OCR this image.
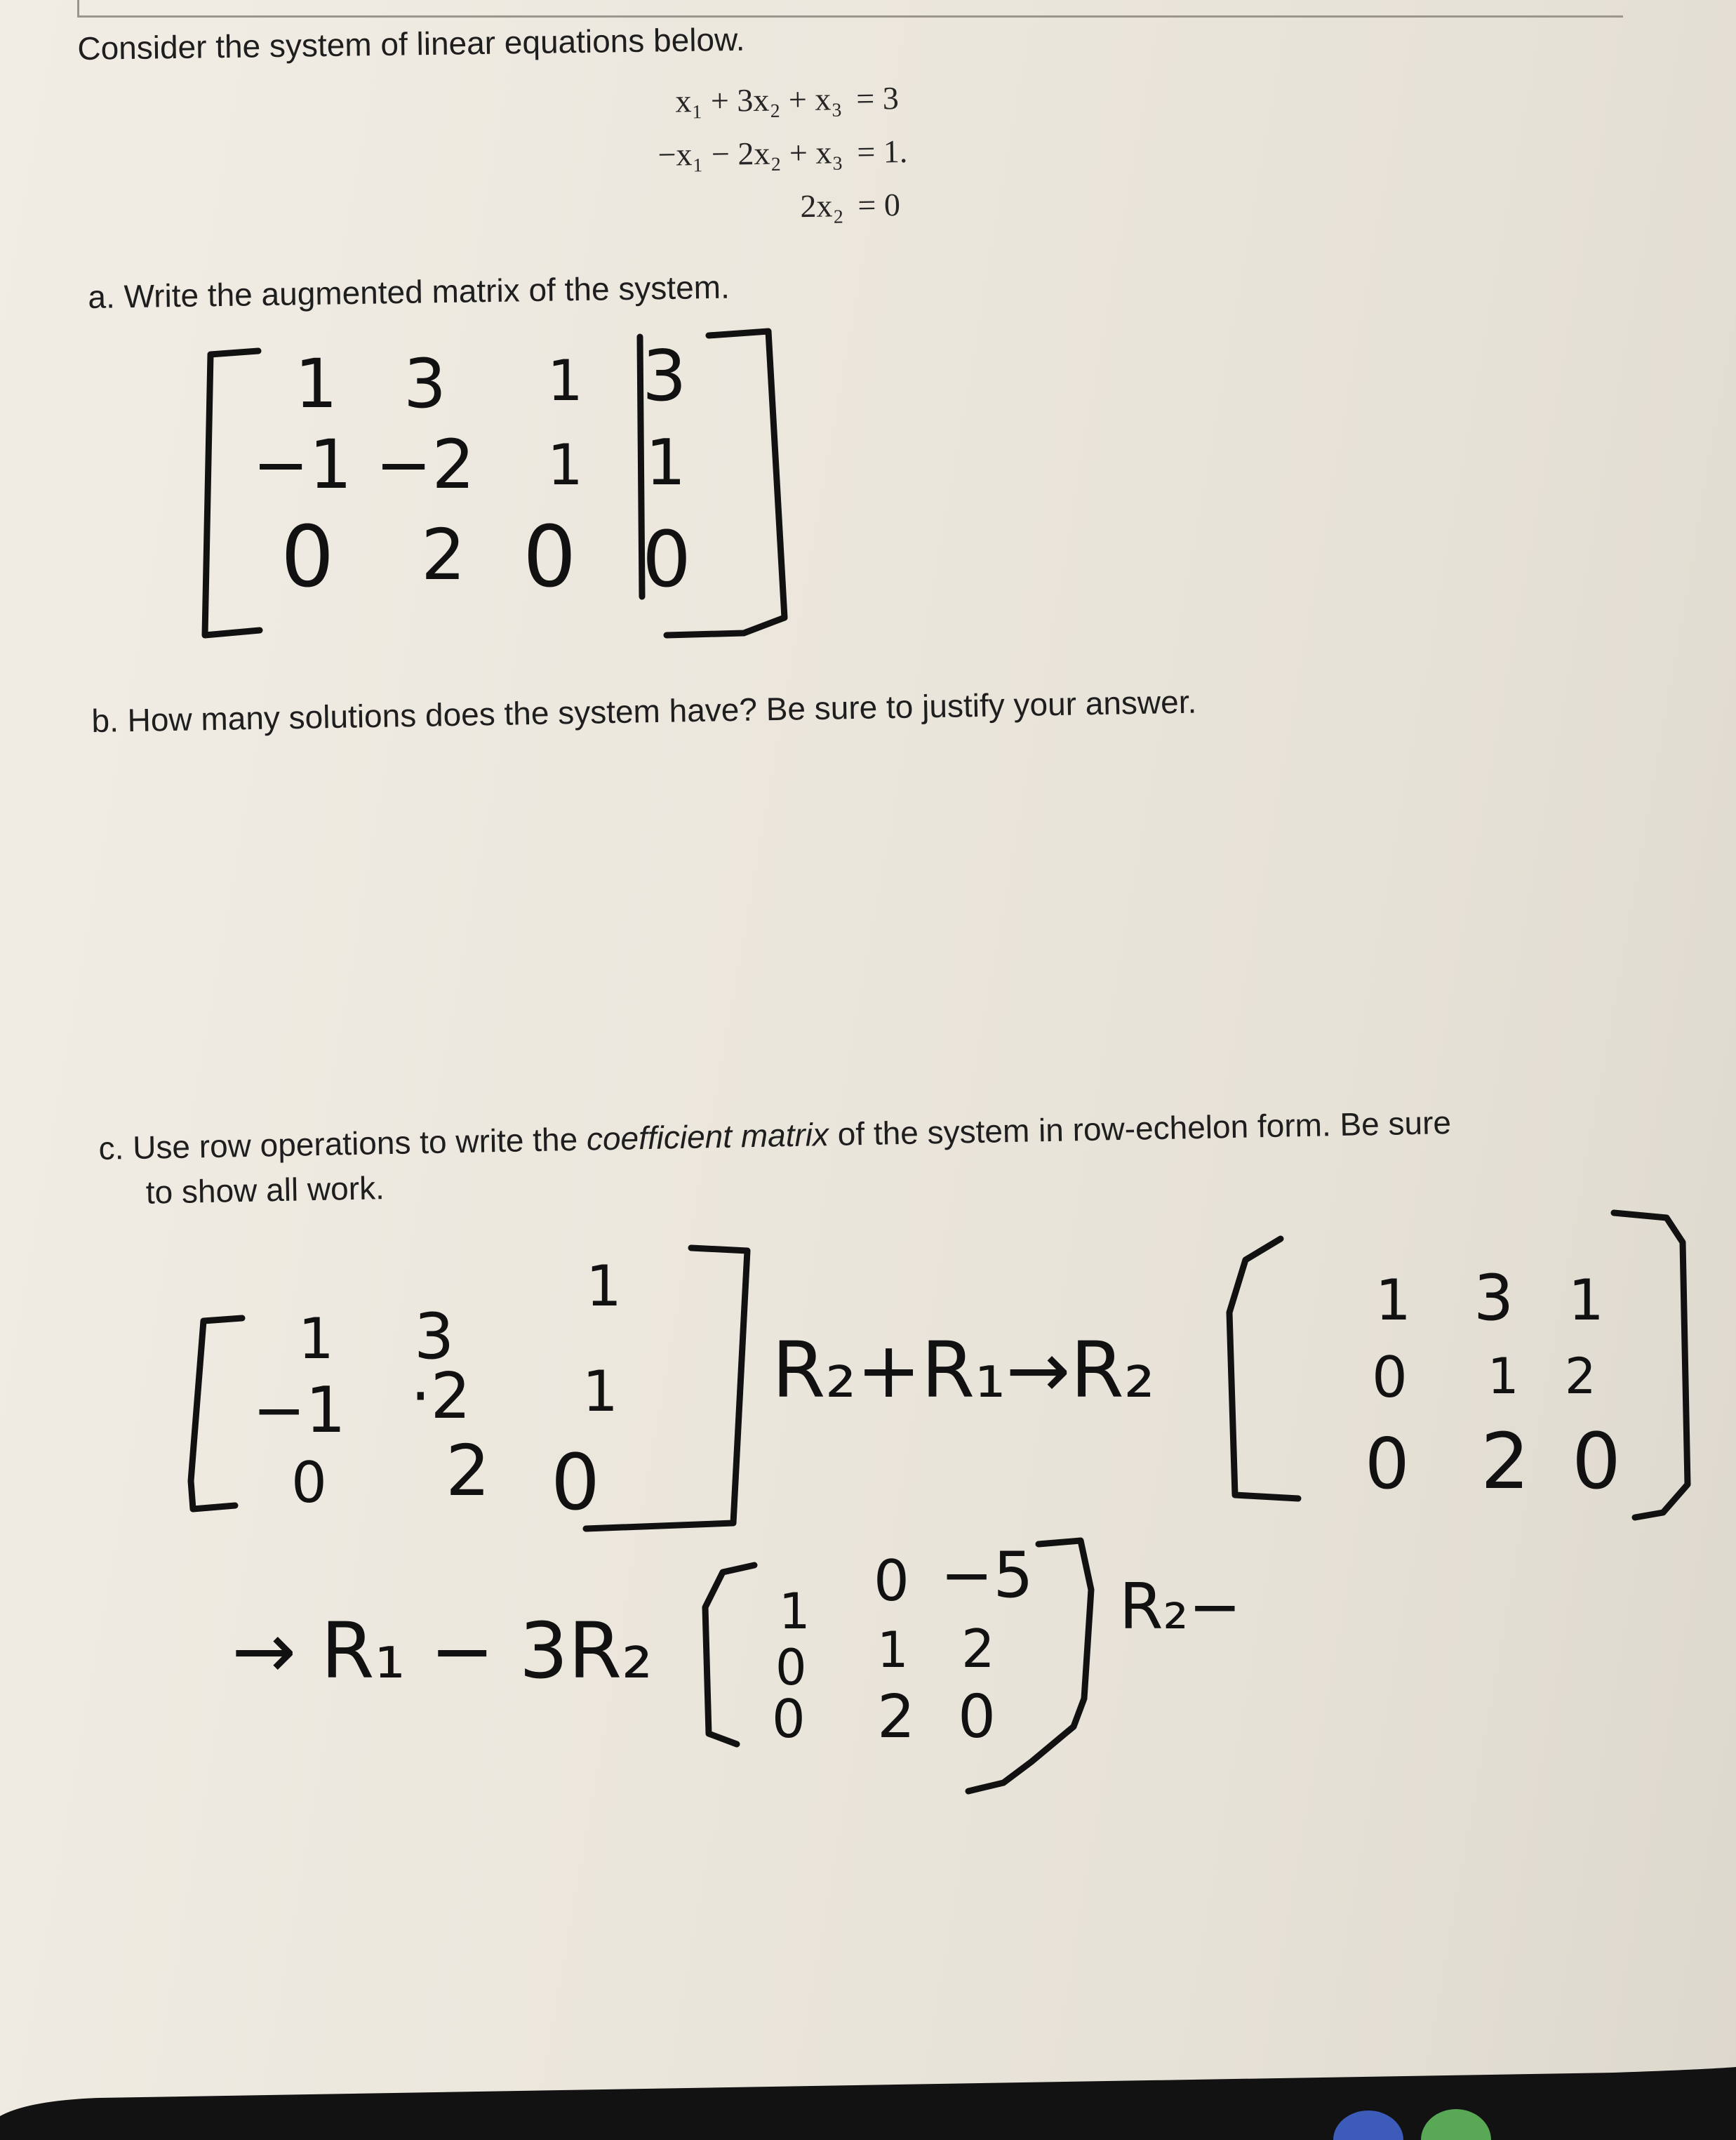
Consider the system of linear equations below.
x₁ + 3x₂ + x₃ = 3
−x₁ − 2x₂ + x₃ = 1.
2x₂ = 0
a. Write the augmented matrix of the system.
b. How many solutions does the system have? Be sure to justify your answer.
c. Use row operations to write the coefficient matrix of the system in row-echelon form. Be sure
to show all work.
1 3 1 3
−1 −2 1 1
0 2 0 0
1 3
1
−1 ·2 1
0 2 0
R₂+R₁→R₂
1 3 1
0 1 2
0 2 0
→ R₁ − 3R₂	1 0 −5
0 1 2
0 2 0
R₂−
